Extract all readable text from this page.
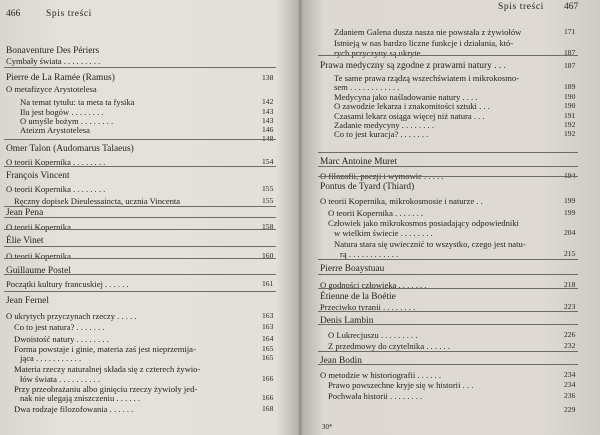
466	Spis treści
Bonaventure Des Périers
Cymbały świata . . . . . . . . .
Pierre de La Ramée (Ramus)	138
O metafizyce Arystotelesa
Na temat tytułu: ta meta ta fysika	142
Ilu jest bogów . . . . . . . .	143
O umyśle bożym . . . . . . . .	143
Ateizm Arystotelesa	146
148
Omer Talon (Audomarus Talaeus)
O teorii Kopernika . . . . . . . .	154
François Vincent
O teorii Kopernika . . . . . . . .	155
Ręczny dopisek Dieulessaincta, ucznia Vincenta	155
Jean Pena
O teorii Kopernika . . . . . . . .	158
Élie Vinet
O teorii Kopernika . . . . . . . .	160
Guillaume Postel
Początki kultury francuskiej . . . . . .	161
Jean Fernel
O ukrytych przyczynach rzeczy . . . . .	163
Co to jest natura? . . . . . . .	163
Dwoistość natury . . . . . . . .	164
Forma powstaje i ginie, materia zaś jest nieprzemija-	165
jąca . . . . . . . . . . .	165
Materia rzeczy naturalnej składa się z czterech żywio-
łów świata . . . . . . . . . .	166
Przy przeobrażaniu albo ginięciu rzeczy żywioły jed-
nak nie ulegają zniszczeniu . . . . . .	166
Dwa rodzaje filozofowania . . . . . .	168
Spis treści 467
Zdaniem Galena dusza nasza nie powstała z żywiołów	171
Istnieją w nas bardzo liczne funkcje i działania, któ-
rych przyczyny są ukryte . . . . . .	187
Prawa medyczny są zgodne z prawami natury . . .	187
Te same prawa rządzą wszechświatem i mikrokosmo-
sem . . . . . . . . . . . .	189
Medycyna jako naśladowanie natury . . . .	190
O zawodzie lekarza i znakomitości sztuki . . .	190
Czasami lekarz osiąga więcej niż natura . . .	191
Zadanie medycyny . . . . . . . .	192
Co to jest kuracja? . . . . . . .	192
Marc Antoine Muret
O filozofii, poezji i wymowie . . . . .	194
Pontus de Tyard (Thiard)
O teorii Kopernika, mikrokosmosie i naturze . .	199
O teorii Kopernika . . . . . . .	199
Człowiek jako mikrokosmos posiadający odpowiedniki
w wielkim świecie . . . . . . . .	204
Natura stara się uwiecznić to wszystko, czego jest natu-
rą . . . . . . . . . . . .	215
Pierre Boaystuau
O godności człowieka . . . . . . .	218
Étienne de la Boétie
Przeciwko tyranii . . . . . . . .	223
Denis Lambin
O Lukrecjuszu . . . . . . . . .	226
Z przedmowy do czytelnika . . . . . .	232
Jean Bodin
O metodzie w historiografii . . . . . .	234
Prawo powszechne kryje się w historii . . .	234
Pochwała historii . . . . . . . .	236
229
30*
